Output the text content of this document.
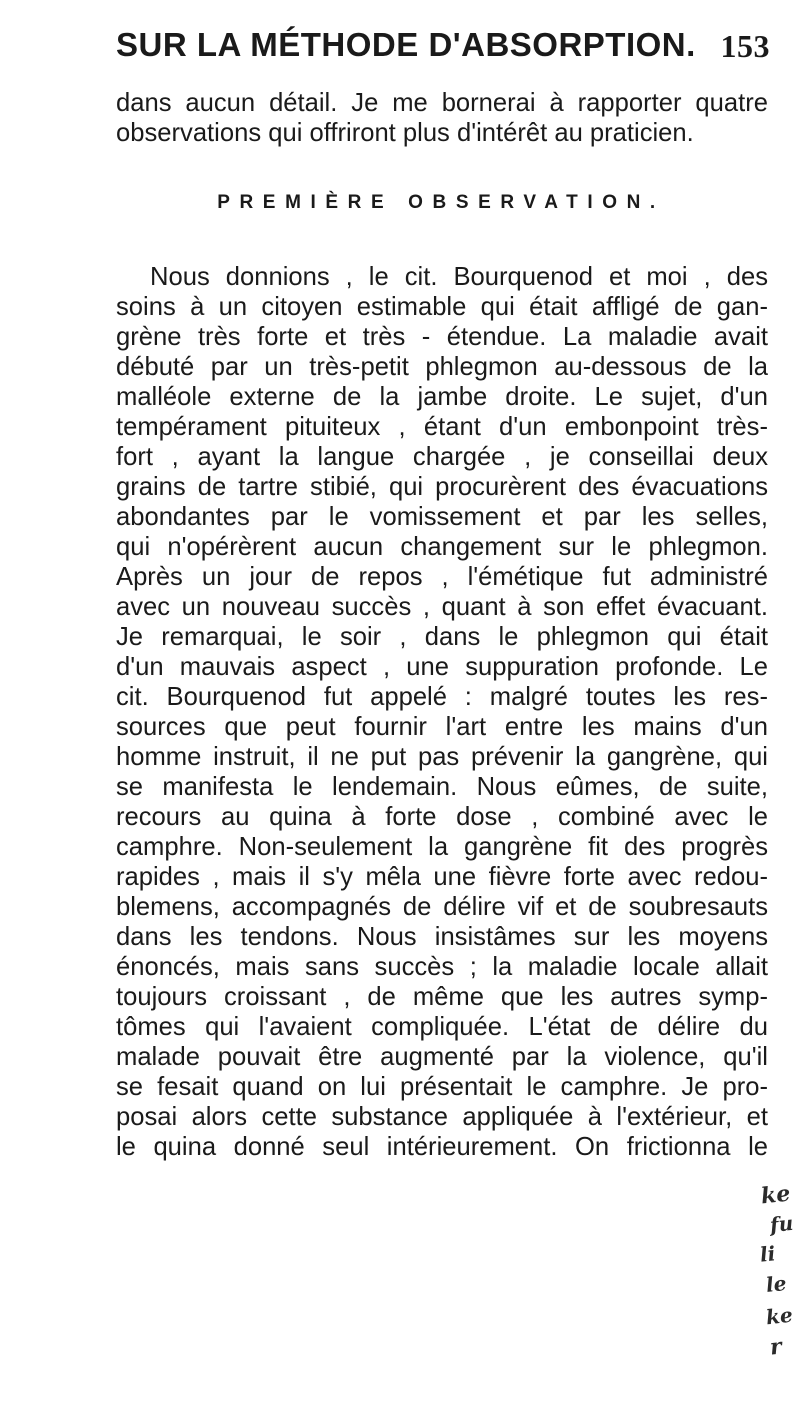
SUR LA MÉTHODE D'ABSORPTION. 153
dans aucun détail. Je me bornerai à rapporter quatre
observations qui offriront plus d'intérêt au praticien.
PREMIÈRE OBSERVATION.
Nous donnions , le cit. Bourquenod et moi , des
soins à un citoyen estimable qui était affligé de gan-
grène très forte et très - étendue. La maladie avait
débuté par un très-petit phlegmon au-dessous de la
malléole externe de la jambe droite. Le sujet, d'un
tempérament pituiteux , étant d'un embonpoint très-
fort , ayant la langue chargée , je conseillai deux
grains de tartre stibié, qui procurèrent des évacuations
abondantes par le vomissement et par les selles,
qui n'opérèrent aucun changement sur le phlegmon.
Après un jour de repos , l'émétique fut administré
avec un nouveau succès , quant à son effet évacuant.
Je remarquai, le soir , dans le phlegmon qui était
d'un mauvais aspect , une suppuration profonde. Le
cit. Bourquenod fut appelé : malgré toutes les res-
sources que peut fournir l'art entre les mains d'un
homme instruit, il ne put pas prévenir la gangrène, qui
se manifesta le lendemain. Nous eûmes, de suite,
recours au quina à forte dose , combiné avec le
camphre. Non-seulement la gangrène fit des progrès
rapides , mais il s'y mêla une fièvre forte avec redou-
blemens, accompagnés de délire vif et de soubresauts
dans les tendons. Nous insistâmes sur les moyens
énoncés, mais sans succès ; la maladie locale allait
toujours croissant , de même que les autres symp-
tômes qui l'avaient compliquée. L'état de délire du
malade pouvait être augmenté par la violence, qu'il
se fesait quand on lui présentait le camphre. Je pro-
posai alors cette substance appliquée à l'extérieur, et
le quina donné seul intérieurement. On frictionna le
ke
fu
li
le
ke
r
